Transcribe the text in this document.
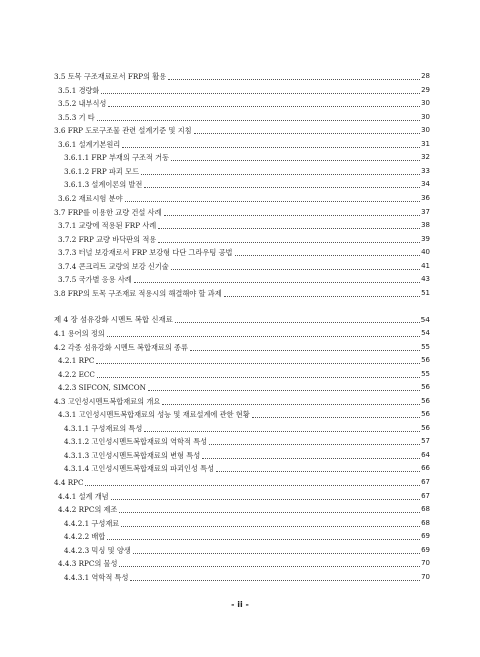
3.5 토목 구조재료로서 FRP의 활용	28
3.5.1 경량화	29
3.5.2 내부식성	30
3.5.3 기 타	30
3.6 FRP 도로구조물 관련 설계기준 및 지침	30
3.6.1 설계기본원리	31
3.6.1.1 FRP 부재의 구조적 거동	32
3.6.1.2 FRP 파괴 모드	33
3.6.1.3 설계이론의 발전	34
3.6.2 재료시험 분야	36
3.7 FRP를 이용한 교량 건설 사례	37
3.7.1 교량에 적용된 FRP 사례	38
3.7.2 FRP 교량 바닥판의 적용	39
3.7.3 터널 보강재로서 FRP 보강형 다단 그라우팅 공법	40
3.7.4 콘크리트 교량의 보강 신기술	41
3.7.5 국가별 응용 사례	43
3.8 FRP의 토목 구조재료 적용시의 해결해야 할 과제	51
제 4 장 섬유강화 시멘트 복합 신재료	54
4.1 용어의 정의	54
4.2 각종 섬유강화 시멘트 복합재료의 종류	55
4.2.1 RPC	56
4.2.2 ECC	55
4.2.3 SIFCON, SIMCON	56
4.3 고인성시멘트복합재료의 개요	56
4.3.1 고인성시멘트복합재료의 성능 및 재료설계에 관한 현황	56
4.3.1.1 구성재료의 특성	56
4.3.1.2 고인성시멘트복합재료의 역학적 특성	57
4.3.1.3 고인성시멘트복합재료의 변형 특성	64
4.3.1.4 고인성시멘트복합재료의 파괴인성 특성	66
4.4 RPC	67
4.4.1 설계 개념	67
4.4.2 RPC의 제조	68
4.4.2.1 구성재료	68
4.4.2.2 배합	69
4.4.2.3 믹싱 및 양생	69
4.4.3 RPC의 물성	70
4.4.3.1 역학적 특성	70
- ii -
